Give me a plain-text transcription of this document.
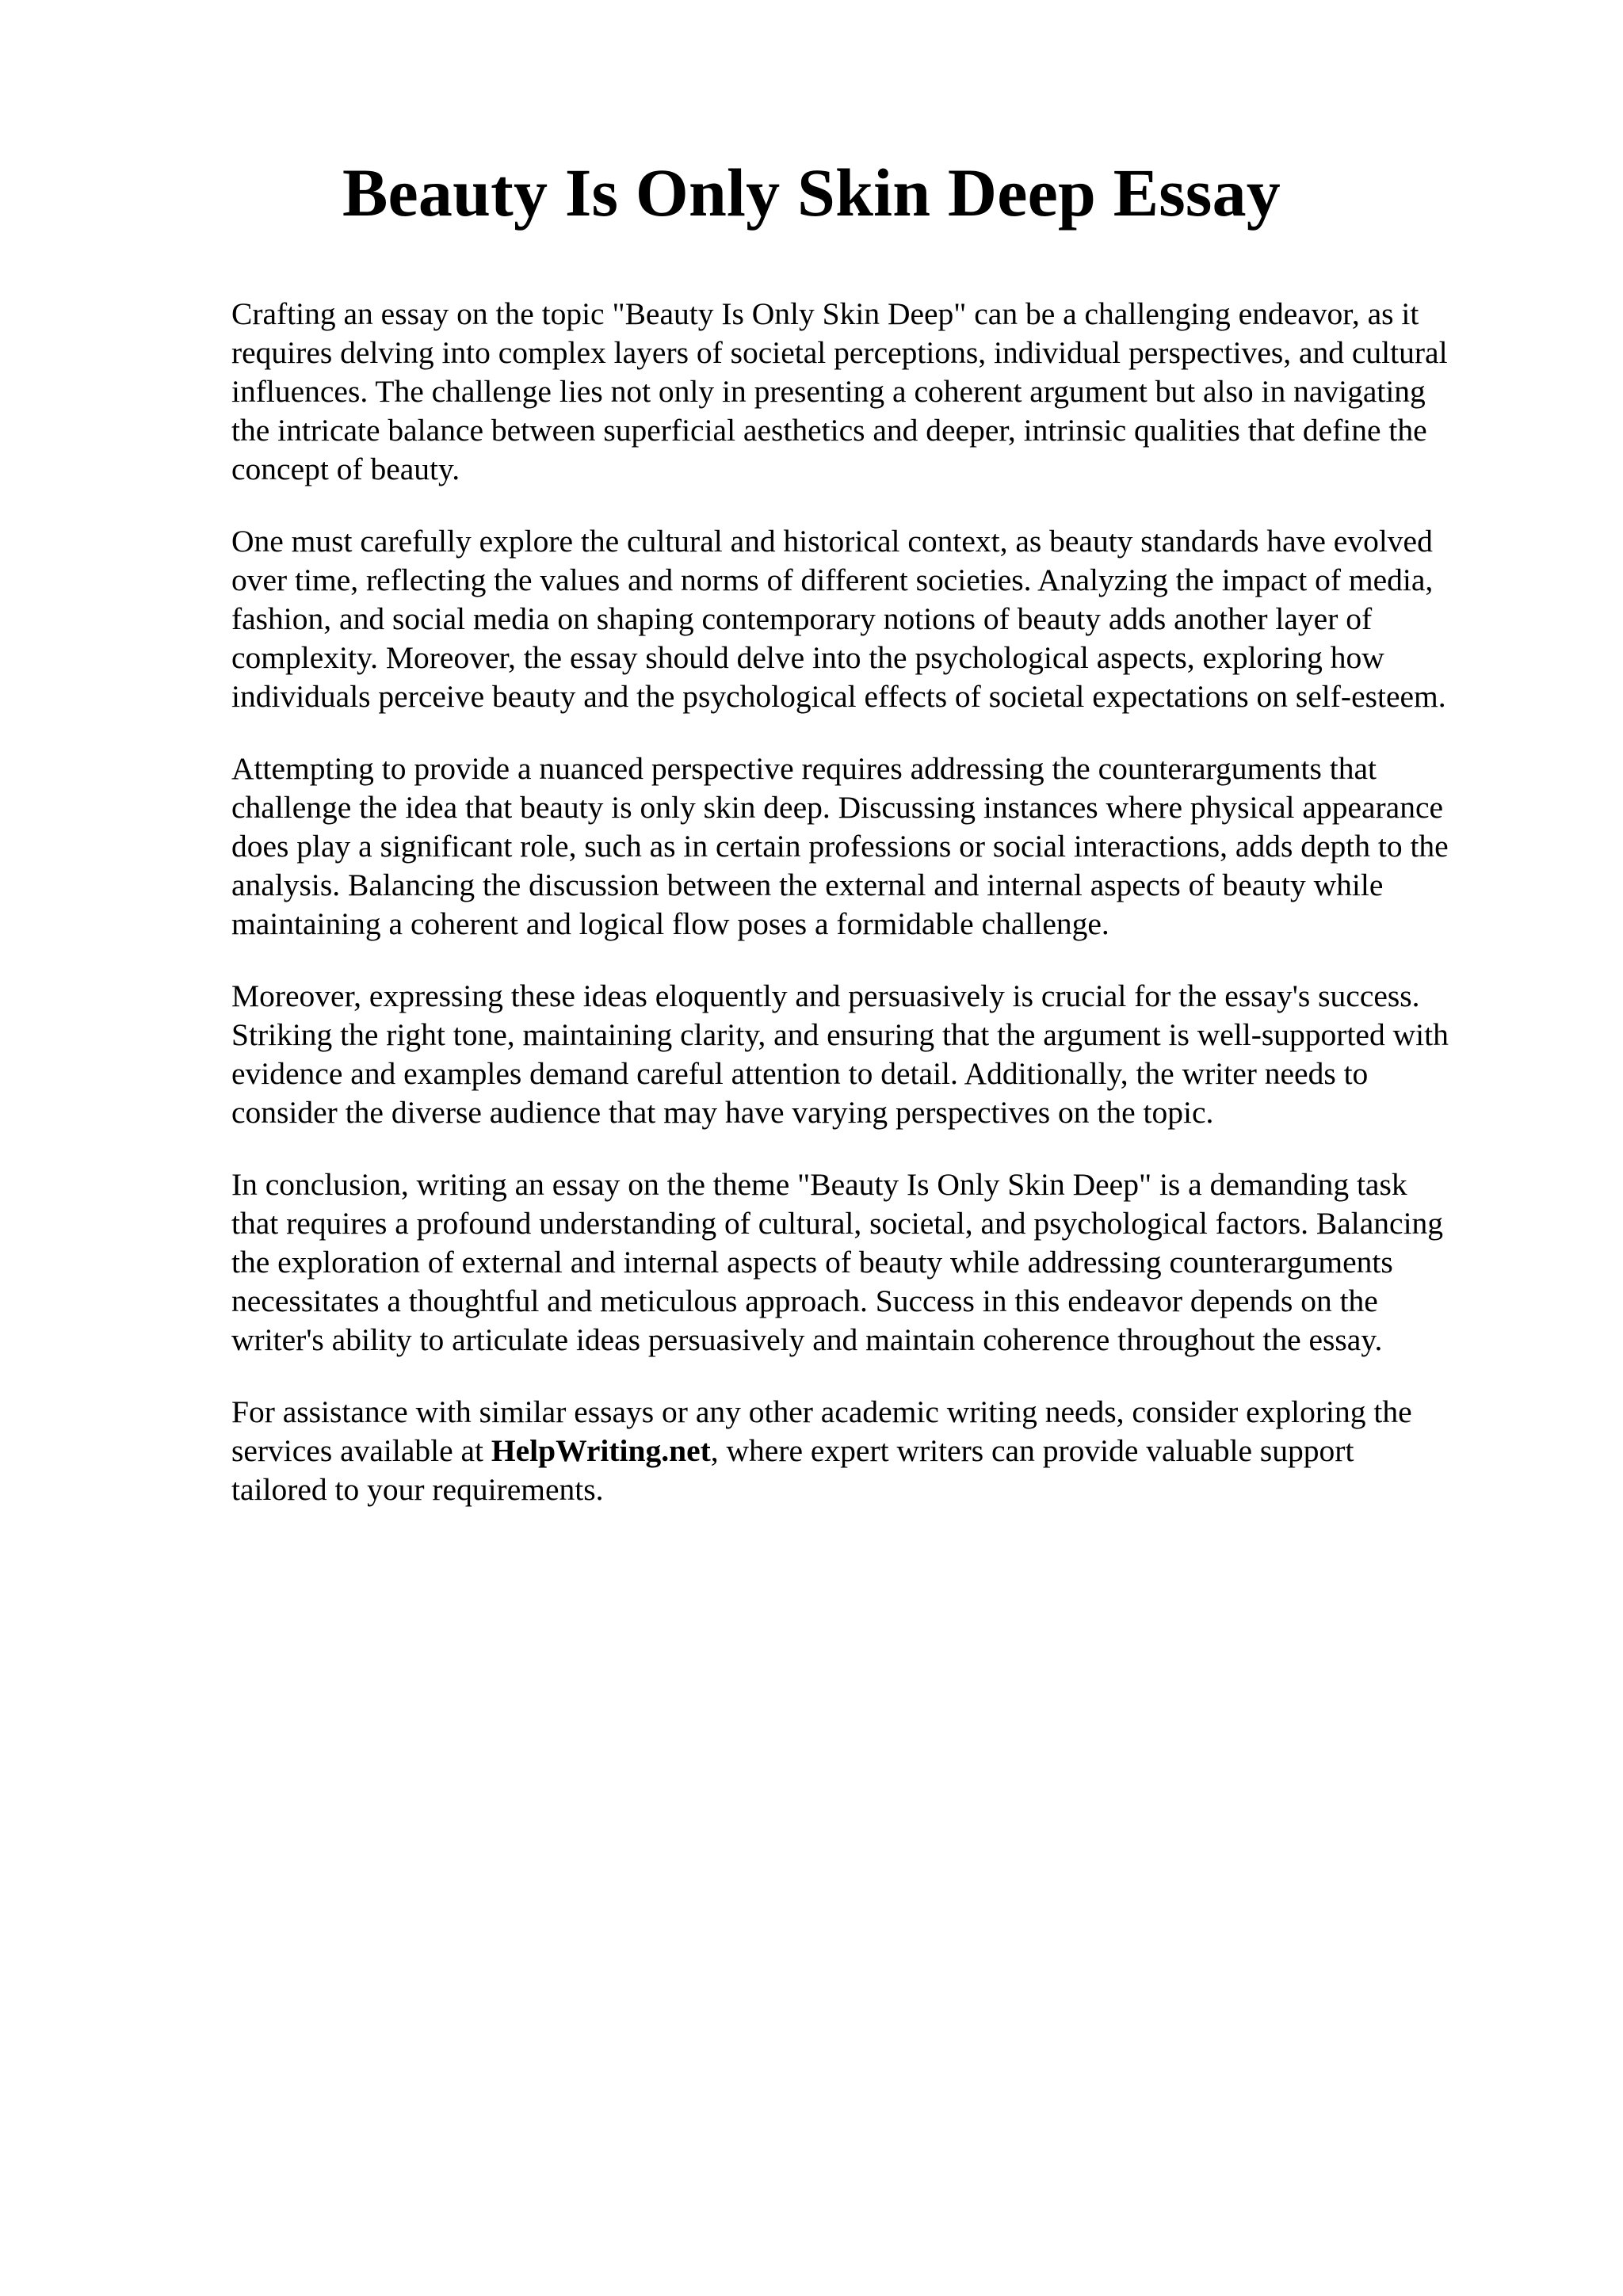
Beauty Is Only Skin Deep Essay

Crafting an essay on the topic "Beauty Is Only Skin Deep" can be a challenging endeavor, as it
requires delving into complex layers of societal perceptions, individual perspectives, and cultural
influences. The challenge lies not only in presenting a coherent argument but also in navigating
the intricate balance between superficial aesthetics and deeper, intrinsic qualities that define the
concept of beauty.

One must carefully explore the cultural and historical context, as beauty standards have evolved
over time, reflecting the values and norms of different societies. Analyzing the impact of media,
fashion, and social media on shaping contemporary notions of beauty adds another layer of
complexity. Moreover, the essay should delve into the psychological aspects, exploring how
individuals perceive beauty and the psychological effects of societal expectations on self-esteem.

Attempting to provide a nuanced perspective requires addressing the counterarguments that
challenge the idea that beauty is only skin deep. Discussing instances where physical appearance
does play a significant role, such as in certain professions or social interactions, adds depth to the
analysis. Balancing the discussion between the external and internal aspects of beauty while
maintaining a coherent and logical flow poses a formidable challenge.

Moreover, expressing these ideas eloquently and persuasively is crucial for the essay's success.
Striking the right tone, maintaining clarity, and ensuring that the argument is well-supported with
evidence and examples demand careful attention to detail. Additionally, the writer needs to
consider the diverse audience that may have varying perspectives on the topic.

In conclusion, writing an essay on the theme "Beauty Is Only Skin Deep" is a demanding task
that requires a profound understanding of cultural, societal, and psychological factors. Balancing
the exploration of external and internal aspects of beauty while addressing counterarguments
necessitates a thoughtful and meticulous approach. Success in this endeavor depends on the
writer's ability to articulate ideas persuasively and maintain coherence throughout the essay.

For assistance with similar essays or any other academic writing needs, consider exploring the
services available at HelpWriting.net, where expert writers can provide valuable support
tailored to your requirements.
